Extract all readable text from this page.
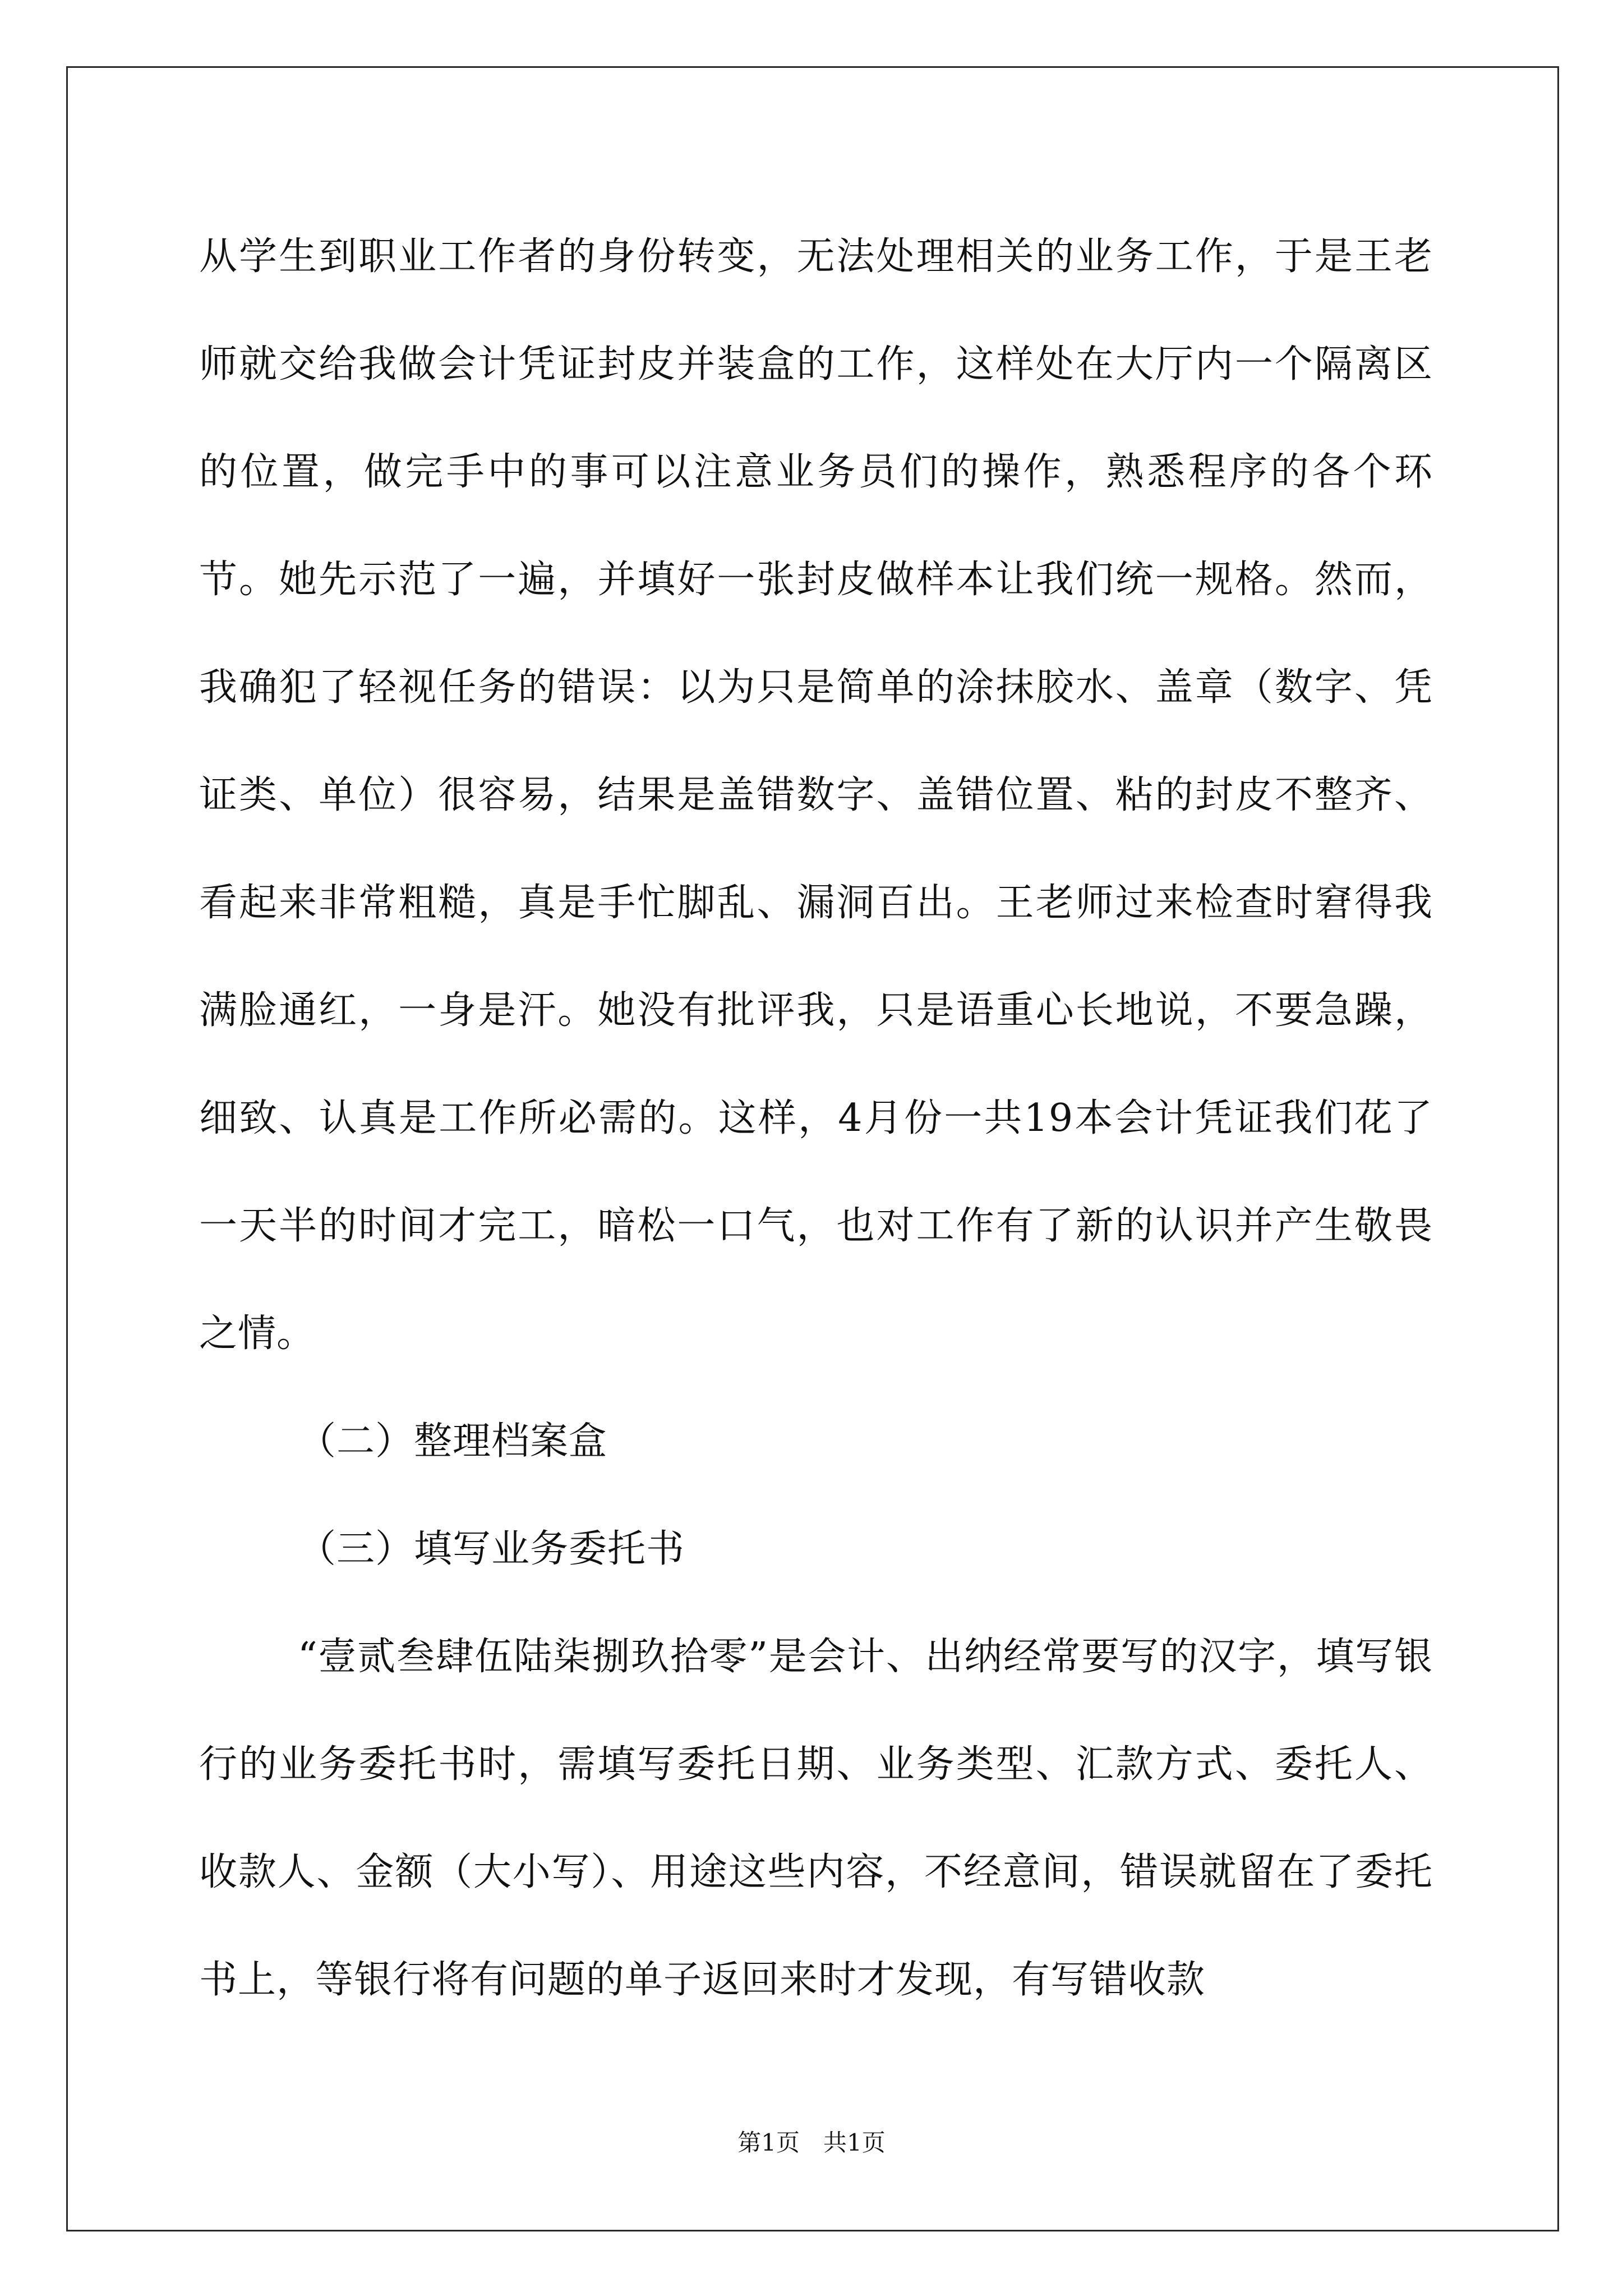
从学生到职业工作者的身份转变，无法处理相关的业务工作，于是王老师就交给我做会计凭证封皮并装盒的工作，这样处在大厅内一个隔离区的位置，做完手中的事可以注意业务员们的操作，熟悉程序的各个环节。她先示范了一遍，并填好一张封皮做样本让我们统一规格。然而，我确犯了轻视任务的错误：以为只是简单的涂抹胶水、盖章（数字、凭证类、单位）很容易，结果是盖错数字、盖错位置、粘的封皮不整齐、看起来非常粗糙，真是手忙脚乱、漏洞百出。王老师过来检查时窘得我满脸通红，一身是汗。她没有批评我，只是语重心长地说，不要急躁，细致、认真是工作所必需的。这样，4月份一共19本会计凭证我们花了一天半的时间才完工，暗松一口气，也对工作有了新的认识并产生敬畏之情。

（二）整理档案盒

（三）填写业务委托书

“壹贰叁肆伍陆柒捌玖拾零”是会计、出纳经常要写的汉字，填写银行的业务委托书时，需填写委托日期、业务类型、汇款方式、委托人、收款人、金额（大小写）、用途这些内容，不经意间，错误就留在了委托书上，等银行将有问题的单子返回来时才发现，有写错收款

第1页　共1页
